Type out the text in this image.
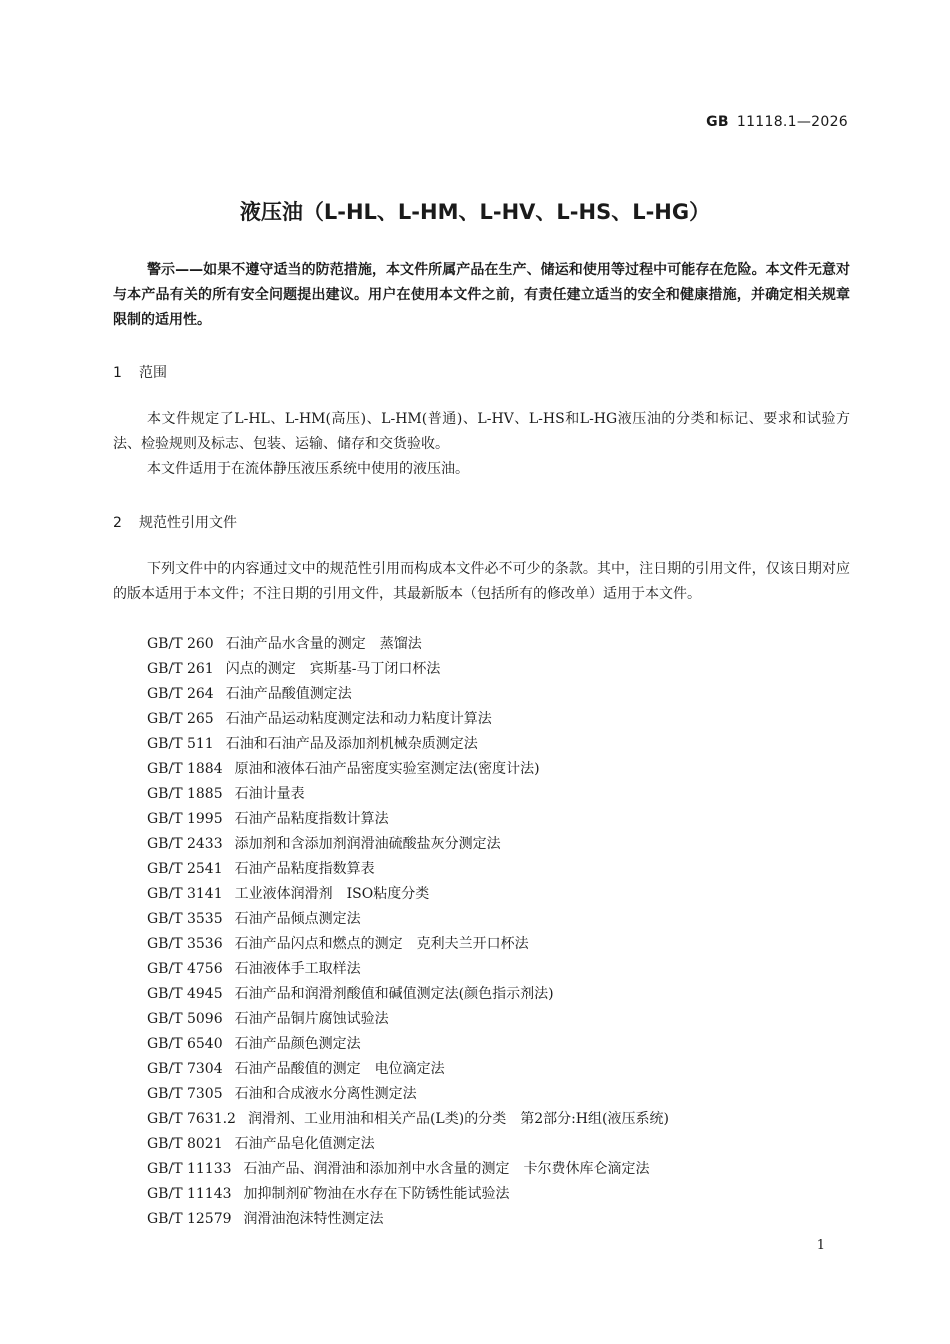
GB 11118.1—2026
液压油（L-HL、L-HM、L-HV、L-HS、L-HG）

警示——如果不遵守适当的防范措施，本文件所属产品在生产、储运和使用等过程中可能存在危险。本文件无意对与本产品有关的所有安全问题提出建议。用户在使用本文件之前，有责任建立适当的安全和健康措施，并确定相关规章限制的适用性。

1 范围

本文件规定了L-HL、L-HM(高压)、L-HM(普通)、L-HV、L-HS和L-HG液压油的分类和标记、要求和试验方法、检验规则及标志、包装、运输、储存和交货验收。

本文件适用于在流体静压液压系统中使用的液压油。

2 规范性引用文件

下列文件中的内容通过文中的规范性引用而构成本文件必不可少的条款。其中，注日期的引用文件，仅该日期对应的版本适用于本文件；不注日期的引用文件，其最新版本（包括所有的修改单）适用于本文件。

GB/T 260 石油产品水含量的测定　蒸馏法
GB/T 261 闪点的测定　宾斯基-马丁闭口杯法
GB/T 264 石油产品酸值测定法
GB/T 265 石油产品运动粘度测定法和动力粘度计算法
GB/T 511 石油和石油产品及添加剂机械杂质测定法
GB/T 1884 原油和液体石油产品密度实验室测定法(密度计法)
GB/T 1885 石油计量表
GB/T 1995 石油产品粘度指数计算法
GB/T 2433 添加剂和含添加剂润滑油硫酸盐灰分测定法
GB/T 2541 石油产品粘度指数算表
GB/T 3141 工业液体润滑剂　ISO粘度分类
GB/T 3535 石油产品倾点测定法
GB/T 3536 石油产品闪点和燃点的测定　克利夫兰开口杯法
GB/T 4756 石油液体手工取样法
GB/T 4945 石油产品和润滑剂酸值和碱值测定法(颜色指示剂法)
GB/T 5096 石油产品铜片腐蚀试验法
GB/T 6540 石油产品颜色测定法
GB/T 7304 石油产品酸值的测定　电位滴定法
GB/T 7305 石油和合成液水分离性测定法
GB/T 7631.2 润滑剂、工业用油和相关产品(L类)的分类　第2部分:H组(液压系统)
GB/T 8021 石油产品皂化值测定法
GB/T 11133 石油产品、润滑油和添加剂中水含量的测定　卡尔费休库仑滴定法
GB/T 11143 加抑制剂矿物油在水存在下防锈性能试验法
GB/T 12579 润滑油泡沫特性测定法
1
